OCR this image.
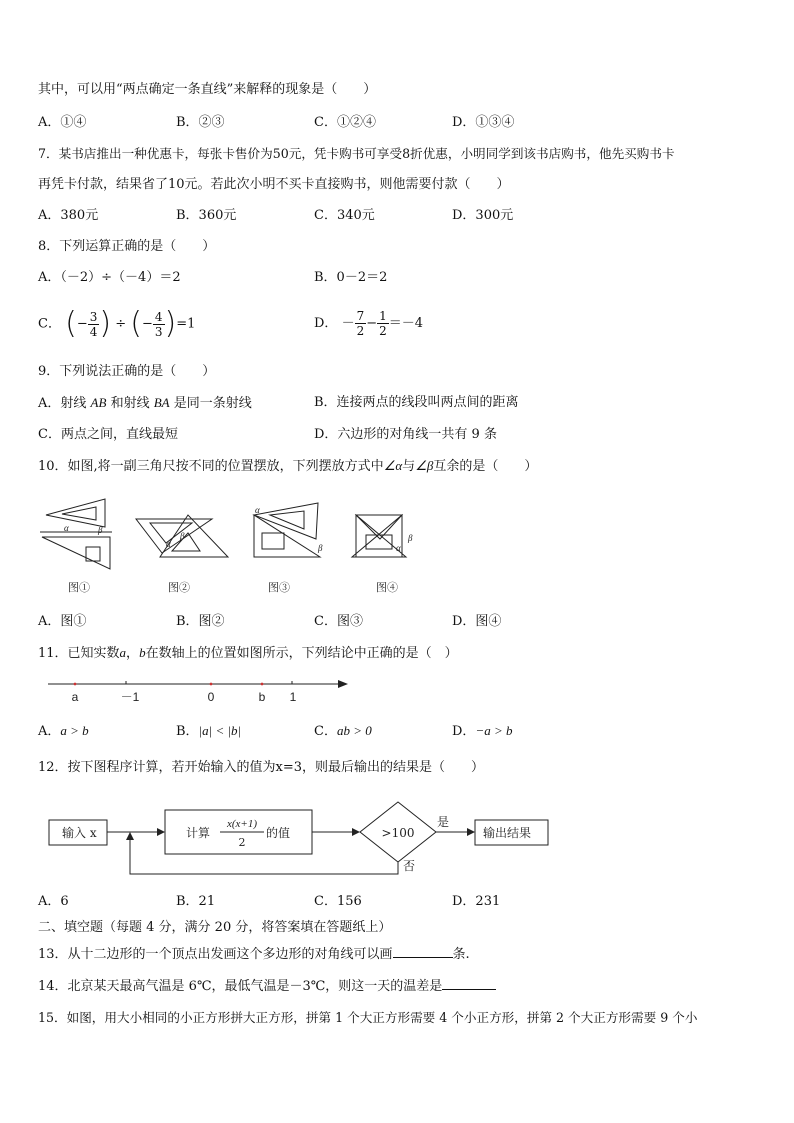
其中，可以用“两点确定一条直线”来解释的现象是（　　）
A．①④	B．②③	C．①②④	D．①③④
7．某书店推出一种优惠卡，每张卡售价为50元，凭卡购书可享受8折优惠，小明同学到该书店购书，他先买购书卡
再凭卡付款，结果省了10元。若此次小明不买卡直接购书，则他需要付款（　　）
A．380元	B．360元	C．340元	D．300元
8．下列运算正确的是（　　）
A．（－2）÷（－4）＝2	B．0－2＝2
C． (− $\frac{3}{4}$ ) ÷ (− $\frac{4}{3} )=1$	D． － $\frac{7}{2} - \frac{1}{2} =-4$
9．下列说法正确的是（　　）
A．射线 AB 和射线 BA 是同一条射线	B．连接两点的线段叫两点间的距离
C．两点之间，直线最短	D．六边形的对角线一共有 9 条
10．如图,将一副三角尺按不同的位置摆放，下列摆放方式中∠α与∠β互余的是（　　）
α	β
α
β
α
β	α
β
图①	图②	图③	图④
A．图①	B．图②	C．图③	D．图④
11．已知实数a，b在数轴上的位置如图所示，下列结论中正确的是（　）
a	－1	0	b 1
A．a > b	B．|a| < |b|	C．ab > 0	D．−a > b
12．按下图程序计算，若开始输入的值为x=3，则最后输出的结果是（　　）
输入 x	计算
x(x+1)
2
的值	>100
是
否
输出结果
A．6	B．21	C．156	D．231
二、填空题（每题 4 分，满分 20 分，将答案填在答题纸上）
13．从十二边形的一个顶点出发画这个多边形的对角线可以画	条.
14．北京某天最高气温是 6℃，最低气温是－3℃，则这一天的温差是
15．如图，用大小相同的小正方形拼大正方形，拼第 1 个大正方形需要 4 个小正方形，拼第 2 个大正方形需要 9 个小
